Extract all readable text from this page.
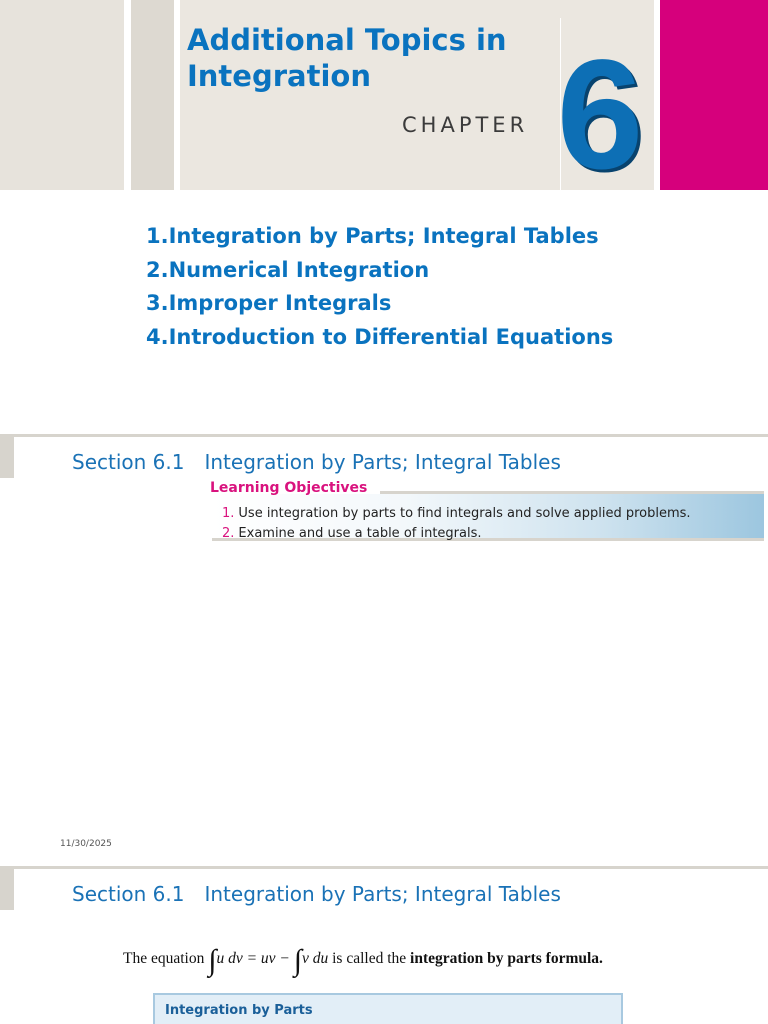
Additional Topics in
Integration
CHAPTER 6
1.Integration by Parts; Integral Tables
2.Numerical Integration
3.Improper Integrals
4.Introduction to Differential Equations
Section 6.1 Integration by Parts; Integral Tables
Learning Objectives
1. Use integration by parts to find integrals and solve applied problems.
2. Examine and use a table of integrals.
11/30/2025
Section 6.1 Integration by Parts; Integral Tables
The equation ∫u dv = uv − ∫v du is called the integration by parts formula.
Integration by Parts
